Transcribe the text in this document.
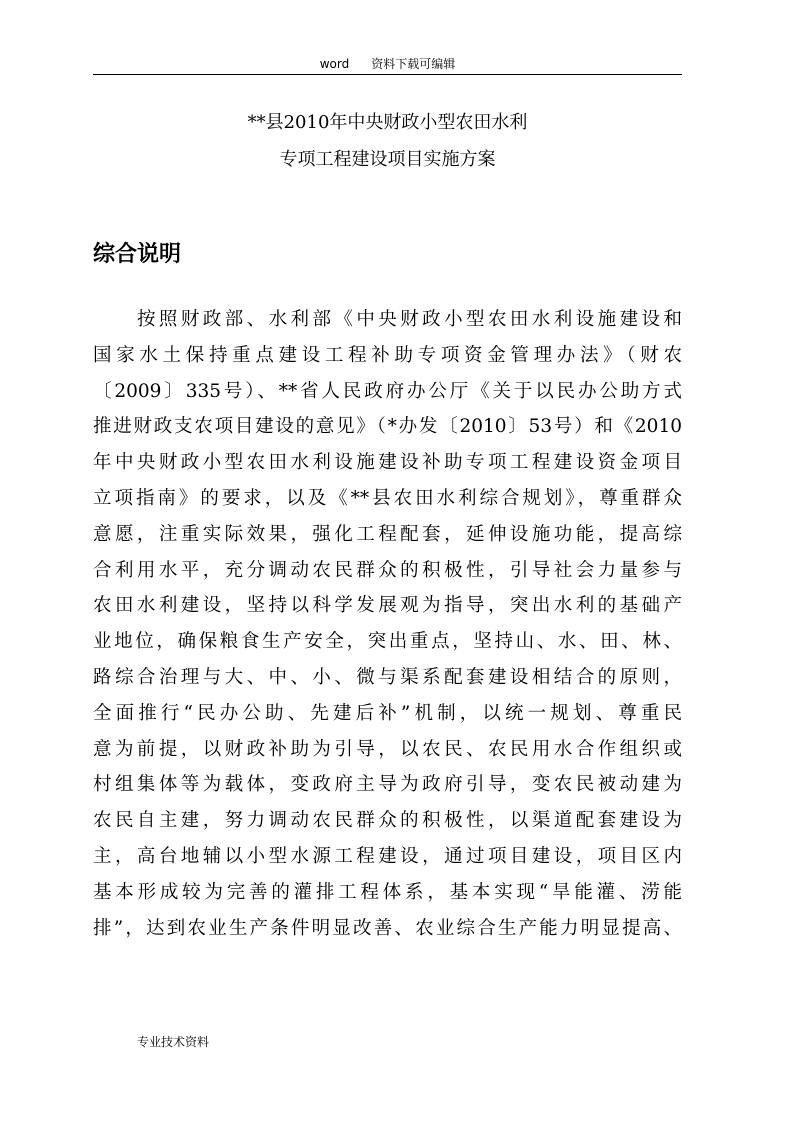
word 资料下载可编辑
**县2010年中央财政小型农田水利
专项工程建设项目实施方案
综合说明
按照财政部、水利部《中央财政小型农田水利设施建设和
国家水土保持重点建设工程补助专项资金管理办法》（财农
〔2009〕335号）、**省人民政府办公厅《关于以民办公助方式
推进财政支农项目建设的意见》（*办发〔2010〕53号）和《2010
年中央财政小型农田水利设施建设补助专项工程建设资金项目
立项指南》的要求，以及《**县农田水利综合规划》，尊重群众
意愿，注重实际效果，强化工程配套，延伸设施功能，提高综
合利用水平，充分调动农民群众的积极性，引导社会力量参与
农田水利建设，坚持以科学发展观为指导，突出水利的基础产
业地位，确保粮食生产安全，突出重点，坚持山、水、田、林、
路综合治理与大、中、小、微与渠系配套建设相结合的原则，
全面推行“民办公助、先建后补”机制，以统一规划、尊重民
意为前提，以财政补助为引导，以农民、农民用水合作组织或
村组集体等为载体，变政府主导为政府引导，变农民被动建为
农民自主建，努力调动农民群众的积极性，以渠道配套建设为
主，高台地辅以小型水源工程建设，通过项目建设，项目区内
基本形成较为完善的灌排工程体系，基本实现“旱能灌、涝能
排”，达到农业生产条件明显改善、农业综合生产能力明显提高、
专业技术资料
